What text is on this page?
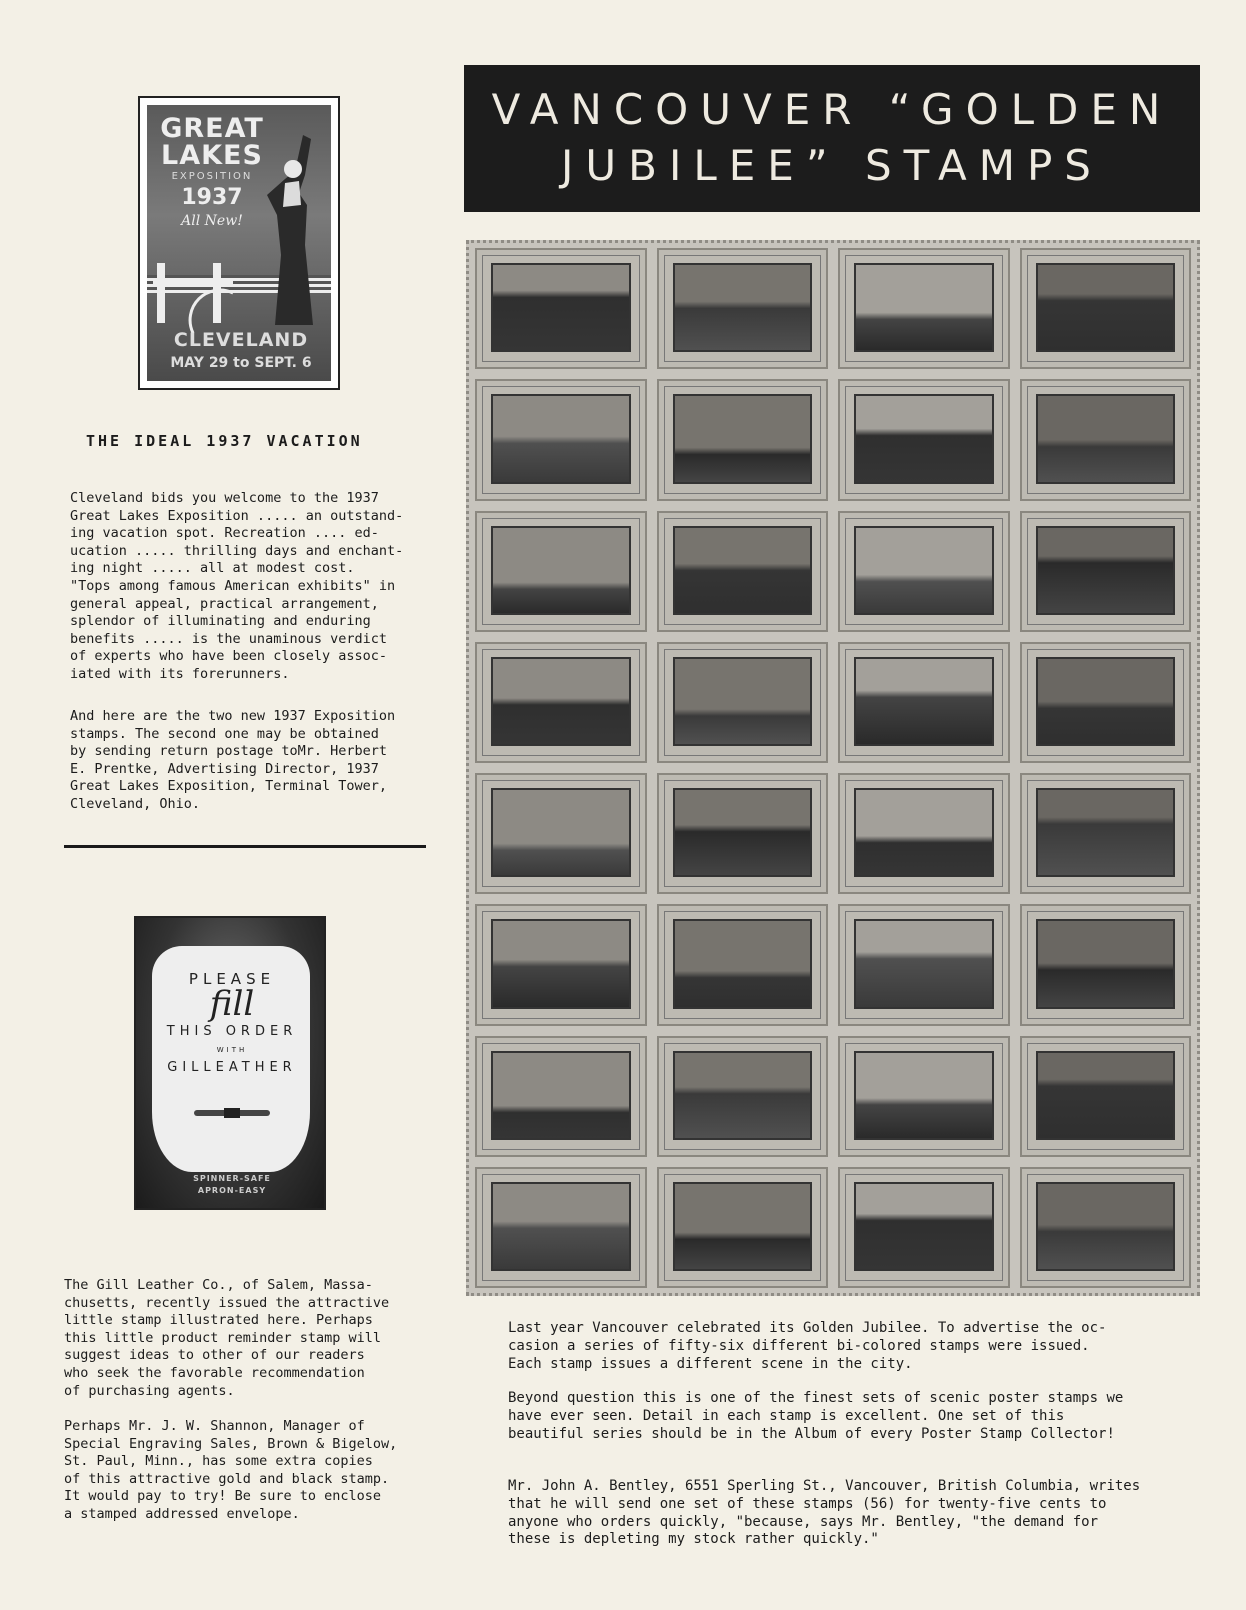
GREAT
LAKES
EXPOSITION
1937
All New!
CLEVELAND
MAY 29 to SEPT. 6
THE IDEAL 1937 VACATION
Cleveland bids you welcome to the 1937
Great Lakes Exposition ..... an outstand-
ing vacation spot. Recreation .... ed-
ucation ..... thrilling days and enchant-
ing night ..... all at modest cost.
"Tops among famous American exhibits" in
general appeal, practical arrangement,
splendor of illuminating and enduring
benefits ..... is the unaminous verdict
of experts who have been closely assoc-
iated with its forerunners.
And here are the two new 1937 Exposition
stamps. The second one may be obtained
by sending return postage toMr. Herbert
E. Prentke, Advertising Director, 1937
Great Lakes Exposition, Terminal Tower,
Cleveland, Ohio.
PLEASE
fill
THIS ORDER
WITH
GILLEATHER
SPINNER-SAFE
APRON-EASY
The Gill Leather Co., of Salem, Massa-
chusetts, recently issued the attractive
little stamp illustrated here. Perhaps
this little product reminder stamp will
suggest ideas to other of our readers
who seek the favorable recommendation
of purchasing agents.
Perhaps Mr. J. W. Shannon, Manager of
Special Engraving Sales, Brown & Bigelow,
St. Paul, Minn., has some extra copies
of this attractive gold and black stamp.
It would pay to try! Be sure to enclose
a stamped addressed envelope.
VANCOUVER “GOLDEN
JUBILEE” STAMPS
Last year Vancouver celebrated its Golden Jubilee. To advertise the oc-
casion a series of fifty-six different bi-colored stamps were issued.
Each stamp issues a different scene in the city.
Beyond question this is one of the finest sets of scenic poster stamps we
have ever seen. Detail in each stamp is excellent. One set of this
beautiful series should be in the Album of every Poster Stamp Collector!
Mr. John A. Bentley, 6551 Sperling St., Vancouver, British Columbia, writes
that he will send one set of these stamps (56) for twenty-five cents to
anyone who orders quickly, "because, says Mr. Bentley, "the demand for
these is depleting my stock rather quickly."
